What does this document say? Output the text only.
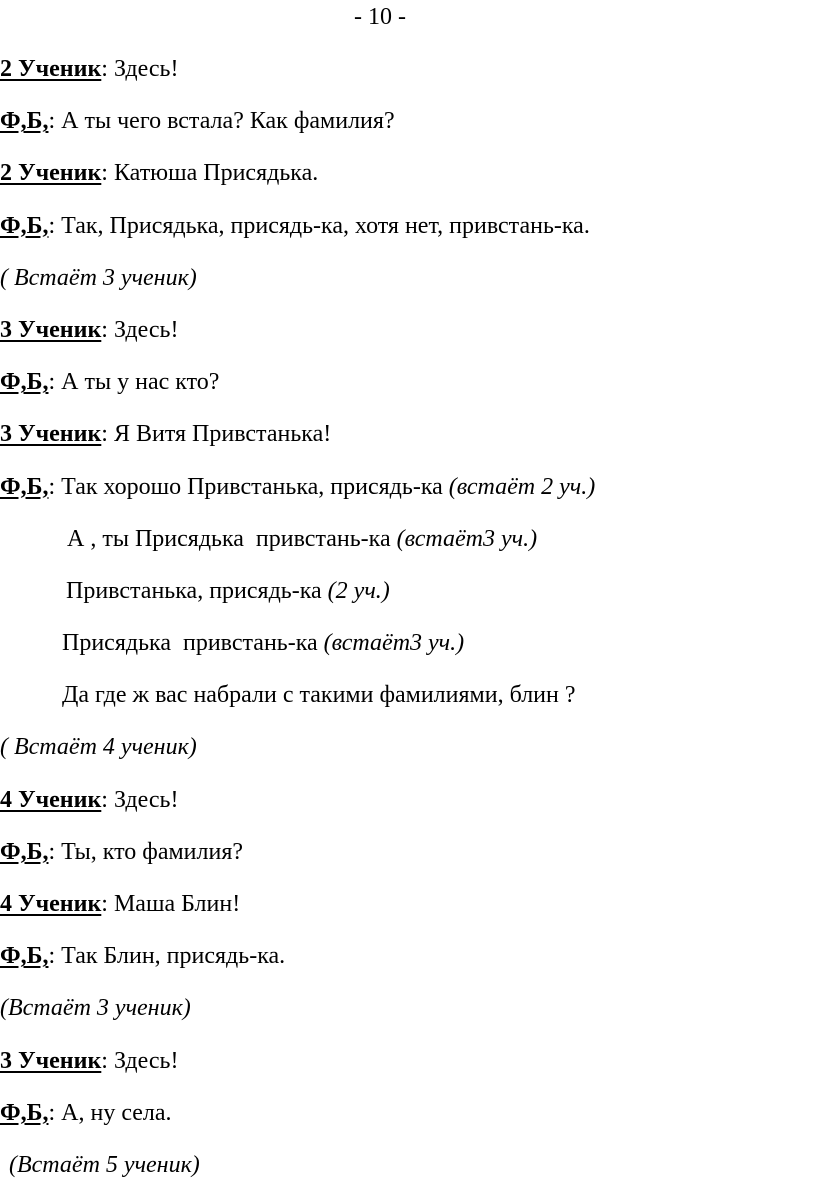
- 10 -
2 Ученик: Здесь!
Ф,Б,: А ты чего встала? Как фамилия?
2 Ученик: Катюша Присядька.
Ф,Б,: Так, Присядька, присядь-ка, хотя нет, привстань-ка.
( Встаёт 3 ученик)
3 Ученик: Здесь!
Ф,Б,: А ты у нас кто?
3 Ученик: Я Витя Привстанька!
Ф,Б,: Так хорошо Привстанька, присядь-ка (встаёт 2 уч.)
А , ты Присядька  привстань-ка (встаёт3 уч.)
Привстанька, присядь-ка (2 уч.)
Присядька  привстань-ка (встаёт3 уч.)
Да где ж вас набрали с такими фамилиями, блин ?
( Встаёт 4 ученик)
4 Ученик: Здесь!
Ф,Б,: Ты, кто фамилия?
4 Ученик: Маша Блин!
Ф,Б,: Так Блин, присядь-ка.
(Встаёт 3 ученик)
3 Ученик: Здесь!
Ф,Б,: А, ну села.
(Встаёт 5 ученик)
